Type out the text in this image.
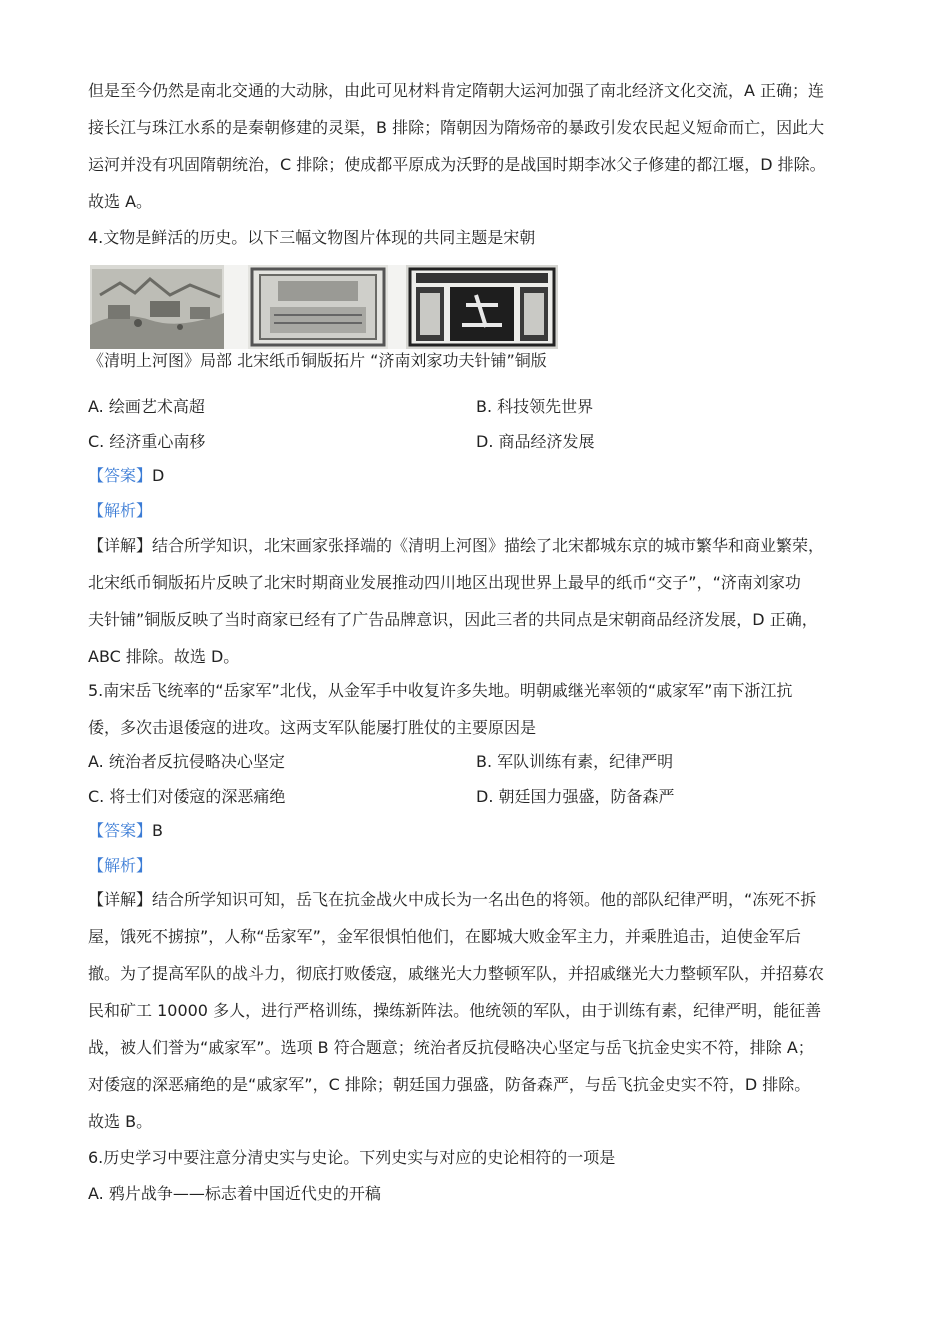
但是至今仍然是南北交通的大动脉，由此可见材料肯定隋朝大运河加强了南北经济文化交流，A 正确；连
接长江与珠江水系的是秦朝修建的灵渠，B 排除；隋朝因为隋炀帝的暴政引发农民起义短命而亡，因此大
运河并没有巩固隋朝统治，C 排除；使成都平原成为沃野的是战国时期李冰父子修建的都江堰，D 排除。
故选 A。
4.文物是鲜活的历史。以下三幅文物图片体现的共同主题是宋朝
《清明上河图》局部 北宋纸币铜版拓片 “济南刘家功夫针铺”铜版
A. 绘画艺术高超	B. 科技领先世界
C. 经济重心南移	D. 商品经济发展
【答案】D
【解析】
【详解】结合所学知识，北宋画家张择端的《清明上河图》描绘了北宋都城东京的城市繁华和商业繁荣，
北宋纸币铜版拓片反映了北宋时期商业发展推动四川地区出现世界上最早的纸币“交子”，“济南刘家功
夫针铺”铜版反映了当时商家已经有了广告品牌意识，因此三者的共同点是宋朝商品经济发展，D 正确，
ABC 排除。故选 D。
5.南宋岳飞统率的“岳家军”北伐，从金军手中收复许多失地。明朝戚继光率领的“戚家军”南下浙江抗
倭，多次击退倭寇的进攻。这两支军队能屡打胜仗的主要原因是
A. 统治者反抗侵略决心坚定	B. 军队训练有素，纪律严明
C. 将士们对倭寇的深恶痛绝	D. 朝廷国力强盛，防备森严
【答案】B
【解析】
【详解】结合所学知识可知，岳飞在抗金战火中成长为一名出色的将领。他的部队纪律严明，“冻死不拆
屋，饿死不掳掠”，人称“岳家军”，金军很惧怕他们，在郾城大败金军主力，并乘胜追击，迫使金军后
撤。为了提高军队的战斗力，彻底打败倭寇，戚继光大力整顿军队，并招戚继光大力整顿军队，并招募农
民和矿工 10000 多人，进行严格训练，操练新阵法。他统领的军队，由于训练有素，纪律严明，能征善
战，被人们誉为“戚家军”。选项 B 符合题意；统治者反抗侵略决心坚定与岳飞抗金史实不符，排除 A；
对倭寇的深恶痛绝的是“戚家军”，C 排除；朝廷国力强盛，防备森严，与岳飞抗金史实不符，D 排除。
故选 B。
6.历史学习中要注意分清史实与史论。下列史实与对应的史论相符的一项是
A. 鸦片战争——标志着中国近代史的开稿
